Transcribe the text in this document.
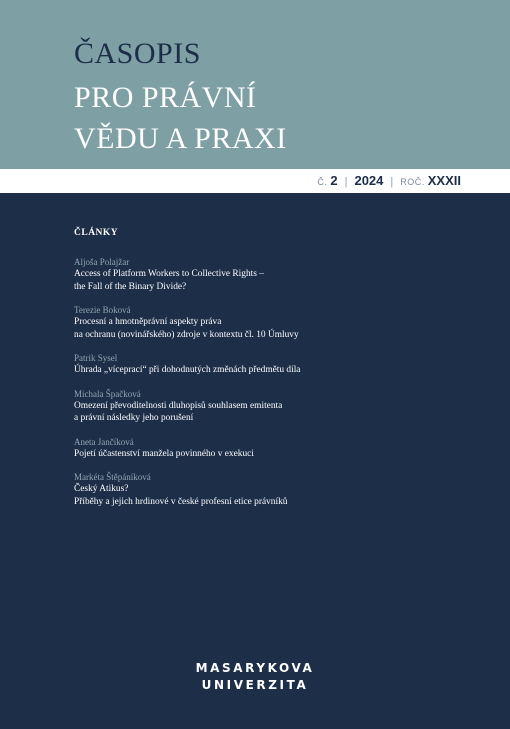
ČASOPIS
PRO PRÁVNÍ
VĚDU A PRAXI
Č. 2 | 2024 | ROČ. XXXII
ČLÁNKY
Aljoša Polajžar
Access of Platform Workers to Collective Rights –
the Fall of the Binary Divide?
Terezie Boková
Procesní a hmotněprávní aspekty práva
na ochranu (novinářského) zdroje v kontextu čl. 10 Úmluvy
Patrik Sysel
Úhrada „víceprací“ při dohodnutých změnách předmětu díla
Michala Špačková
Omezení převoditelnosti dluhopisů souhlasem emitenta
a právní následky jeho porušení
Aneta Jančíková
Pojetí účastenství manžela povinného v exekuci
Markéta Štěpáníková
Český Atikus?
Příběhy a jejich hrdinové v české profesní etice právníků
MASARYKOVA
UNIVERZITA
